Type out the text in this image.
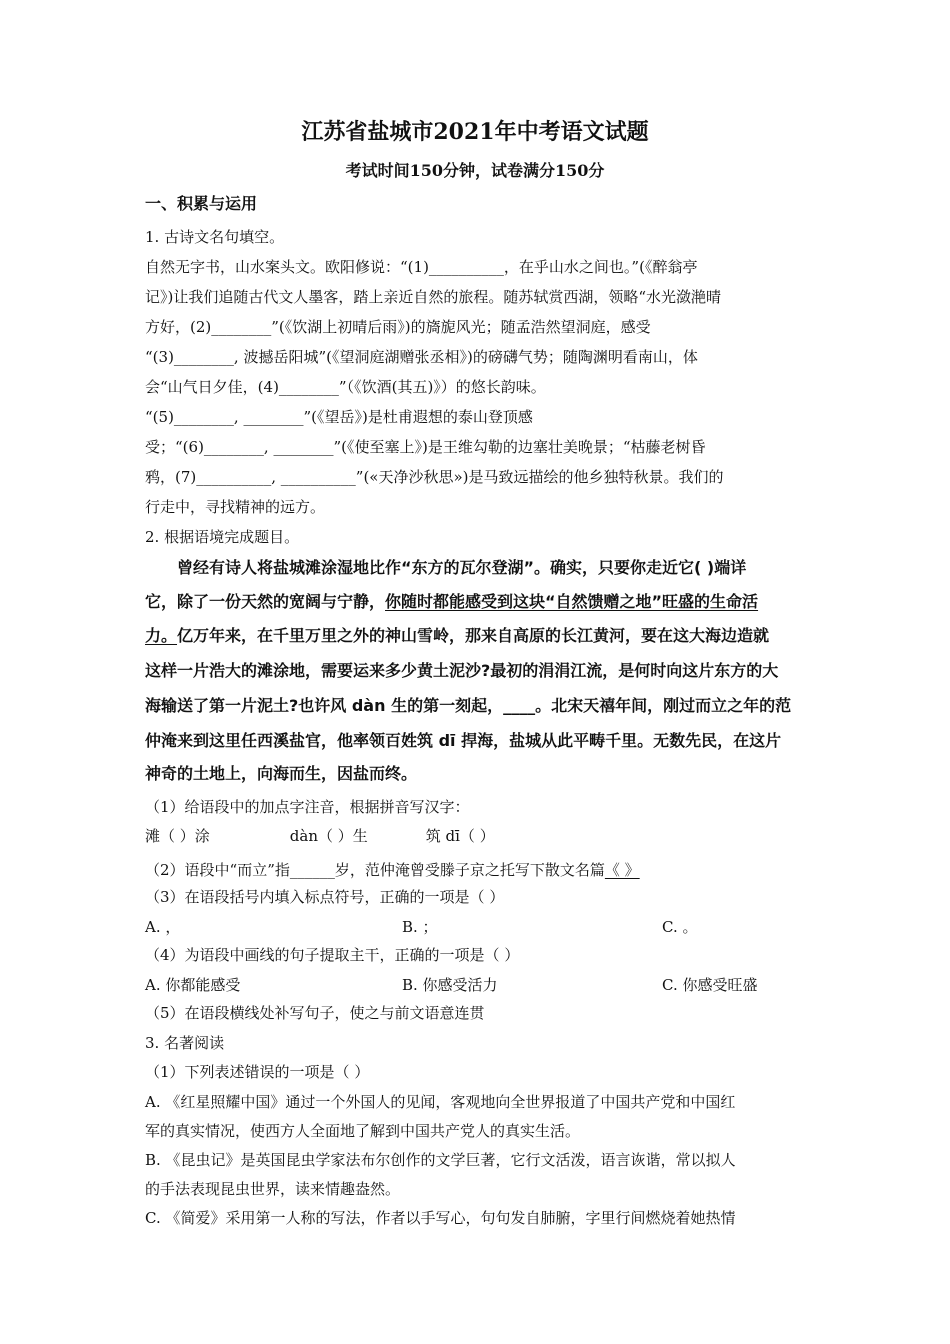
江苏省盐城市2021年中考语文试题
考试时间150分钟，试卷满分150分
一、积累与运用
1. 古诗文名句填空。
自然无字书，山水案头文。欧阳修说：“(1)__________，在乎山水之间也。”(《醉翁亭
记》)让我们追随古代文人墨客，踏上亲近自然的旅程。随苏轼赏西湖，领略“水光潋滟晴
方好，(2)________”(《饮湖上初晴后雨》)的旖旎风光；随孟浩然望洞庭，感受
“(3)________, 波撼岳阳城”(《望洞庭湖赠张丞相》)的磅礴气势；随陶渊明看南山，体
会“山气日夕佳，(4)________”（《饮酒(其五)》）的悠长韵味。
“(5)________, ________”(《望岳》)是杜甫遐想的泰山登顶感
受；“(6)________, ________”(《使至塞上》)是王维勾勒的边塞壮美晚景；“枯藤老树昏
鸦，(7)__________, __________”(«天净沙秋思»)是马致远描绘的他乡独特秋景。我们的
行走中，寻找精神的远方。
2. 根据语境完成题目。
曾经有诗人将盐城滩涂湿地比作“东方的瓦尔登湖”。确实，只要你走近它( )端详
它，除了一份天然的宽阔与宁静，你随时都能感受到这块“自然馈赠之地”旺盛的生命活
力。亿万年来，在千里万里之外的神山雪岭，那来自高原的长江黄河，要在这大海边造就
这样一片浩大的滩涂地，需要运来多少黄土泥沙?最初的涓涓江流，是何时向这片东方的大
海输送了第一片泥土?也许风 dàn 生的第一刻起，____。北宋天禧年间，刚过而立之年的范
仲淹来到这里任西溪盐官，他率领百姓筑 dī 捍海，盐城从此平畴千里。无数先民，在这片
神奇的土地上，向海而生，因盐而终。
（1）给语段中的加点字注音，根据拼音写汉字：
滩（ ）涂	dàn（ ）生	筑 dī（ ）
（2）语段中“而立”指______岁，范仲淹曾受滕子京之托写下散文名篇《 》
（3）在语段括号内填入标点符号，正确的一项是（ ）
A. ，	B. ；	C. 。
（4）为语段中画线的句子提取主干，正确的一项是（ ）
A. 你都能感受	B. 你感受活力	C. 你感受旺盛
（5）在语段横线处补写句子，使之与前文语意连贯
3. 名著阅读
（1）下列表述错误的一项是（ ）
A. 《红星照耀中国》通过一个外国人的见闻，客观地向全世界报道了中国共产党和中国红
军的真实情况，使西方人全面地了解到中国共产党人的真实生活。
B. 《昆虫记》是英国昆虫学家法布尔创作的文学巨著，它行文活泼，语言诙谐，常以拟人
的手法表现昆虫世界，读来情趣盎然。
C. 《简爱》采用第一人称的写法，作者以手写心，句句发自肺腑，字里行间燃烧着她热情
